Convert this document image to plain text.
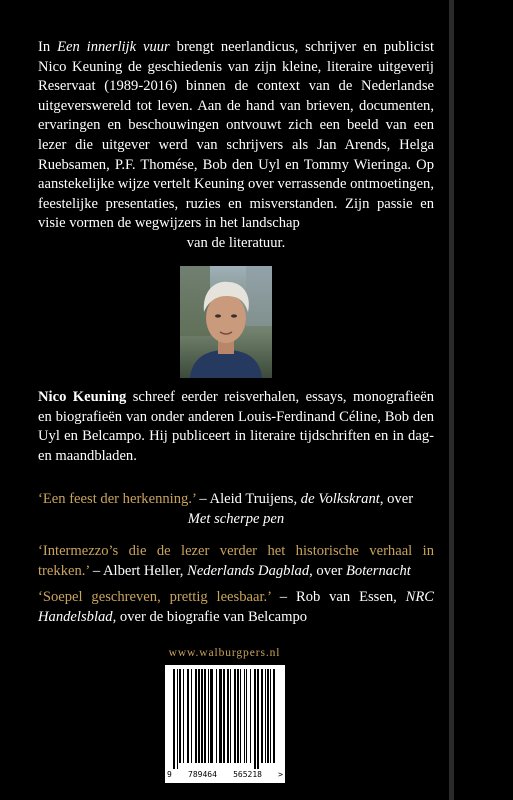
In Een innerlijk vuur brengt neerlandicus, schrijver en publicist Nico Keuning de geschiedenis van zijn kleine, literaire uitgeverij Reservaat (1989-2016) binnen de context van de Nederlandse uitgeverswereld tot leven. Aan de hand van brieven, documenten, ervaringen en beschouwingen ontvouwt zich een beeld van een lezer die uitgever werd van schrijvers als Jan Arends, Helga Ruebsamen, P.F. Thomése, Bob den Uyl en Tommy Wieringa. Op aanstekelijke wijze vertelt Keuning over verrassende ontmoetingen, feestelijke presentaties, ruzies en misverstanden. Zijn passie en visie vormen de wegwijzers in het landschap
van de literatuur.

Nico Keuning schreef eerder reisverhalen, essays, monografieën en biografieën van onder anderen Louis-Ferdinand Céline, Bob den Uyl en Belcampo. Hij publiceert in literaire tijdschriften en in dag- en maandbladen.

‘Een feest der herkenning.’ – Aleid Truijens, de Volkskrant, over
Met scherpe pen

‘Intermezzo’s die de lezer verder het historische verhaal in trekken.’ – Albert Heller, Nederlands Dagblad, over Boternacht

‘Soepel geschreven, prettig leesbaar.’ – Rob van Essen, NRC Handelsblad, over de biografie van Belcampo

www.walburgpers.nl
9 789464 565218 >
